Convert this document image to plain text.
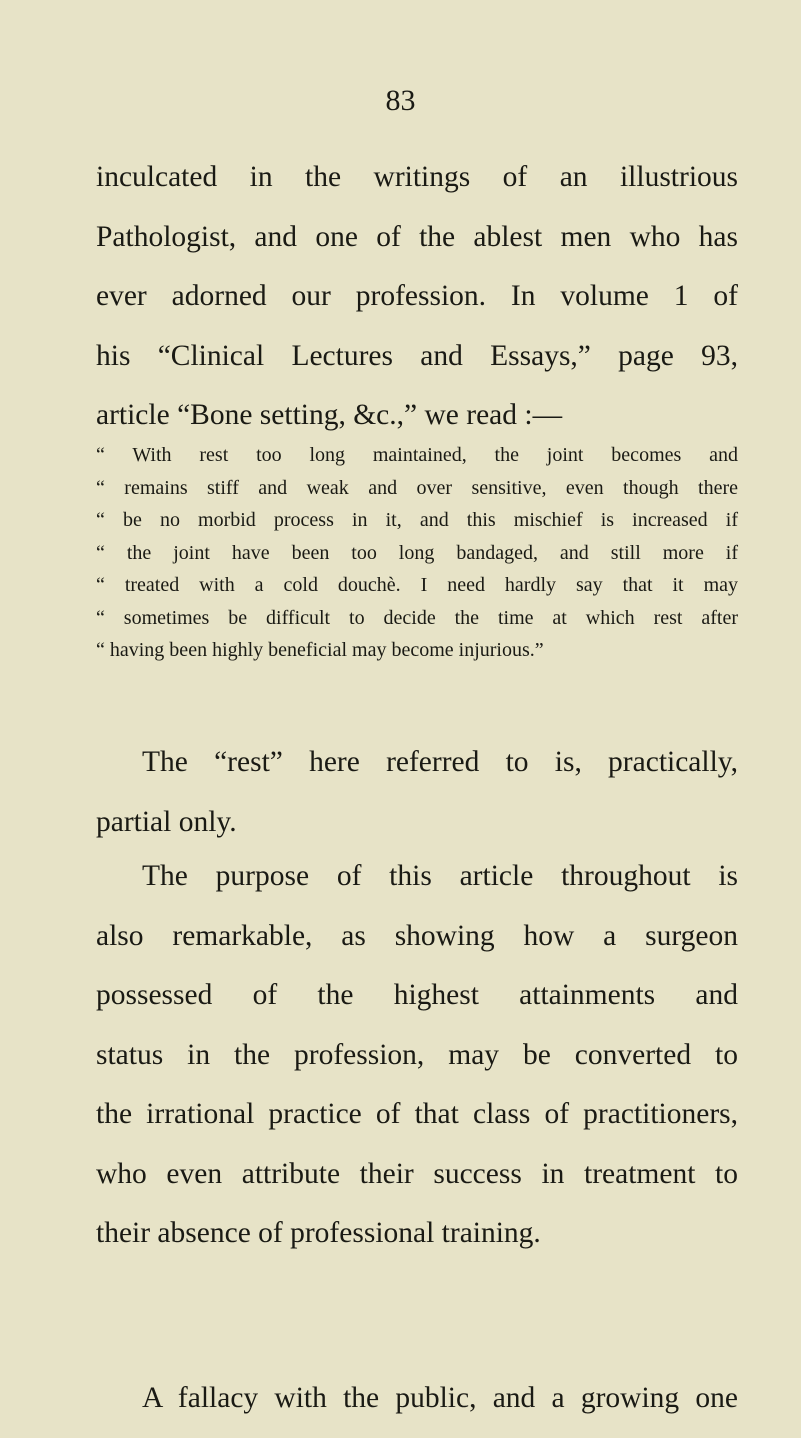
83
inculcated in the writings of an illustrious
Pathologist, and one of the ablest men who has
ever adorned our profession. In volume 1 of
his “Clinical Lectures and Essays,” page 93,
article “Bone setting, &c.,” we read :—
“ With rest too long maintained, the joint becomes and
“ remains stiff and weak and over sensitive, even though there
“ be no morbid process in it, and this mischief is increased if
“ the joint have been too long bandaged, and still more if
“ treated with a cold douchè. I need hardly say that it may
“ sometimes be difficult to decide the time at which rest after
“ having been highly beneficial may become injurious.”
The “rest” here referred to is, practically,
partial only.
The purpose of this article throughout is
also remarkable, as showing how a surgeon
possessed of the highest attainments and
status in the profession, may be converted to
the irrational practice of that class of practitioners,
who even attribute their success in treatment to
their absence of professional training.
A fallacy with the public, and a growing one
